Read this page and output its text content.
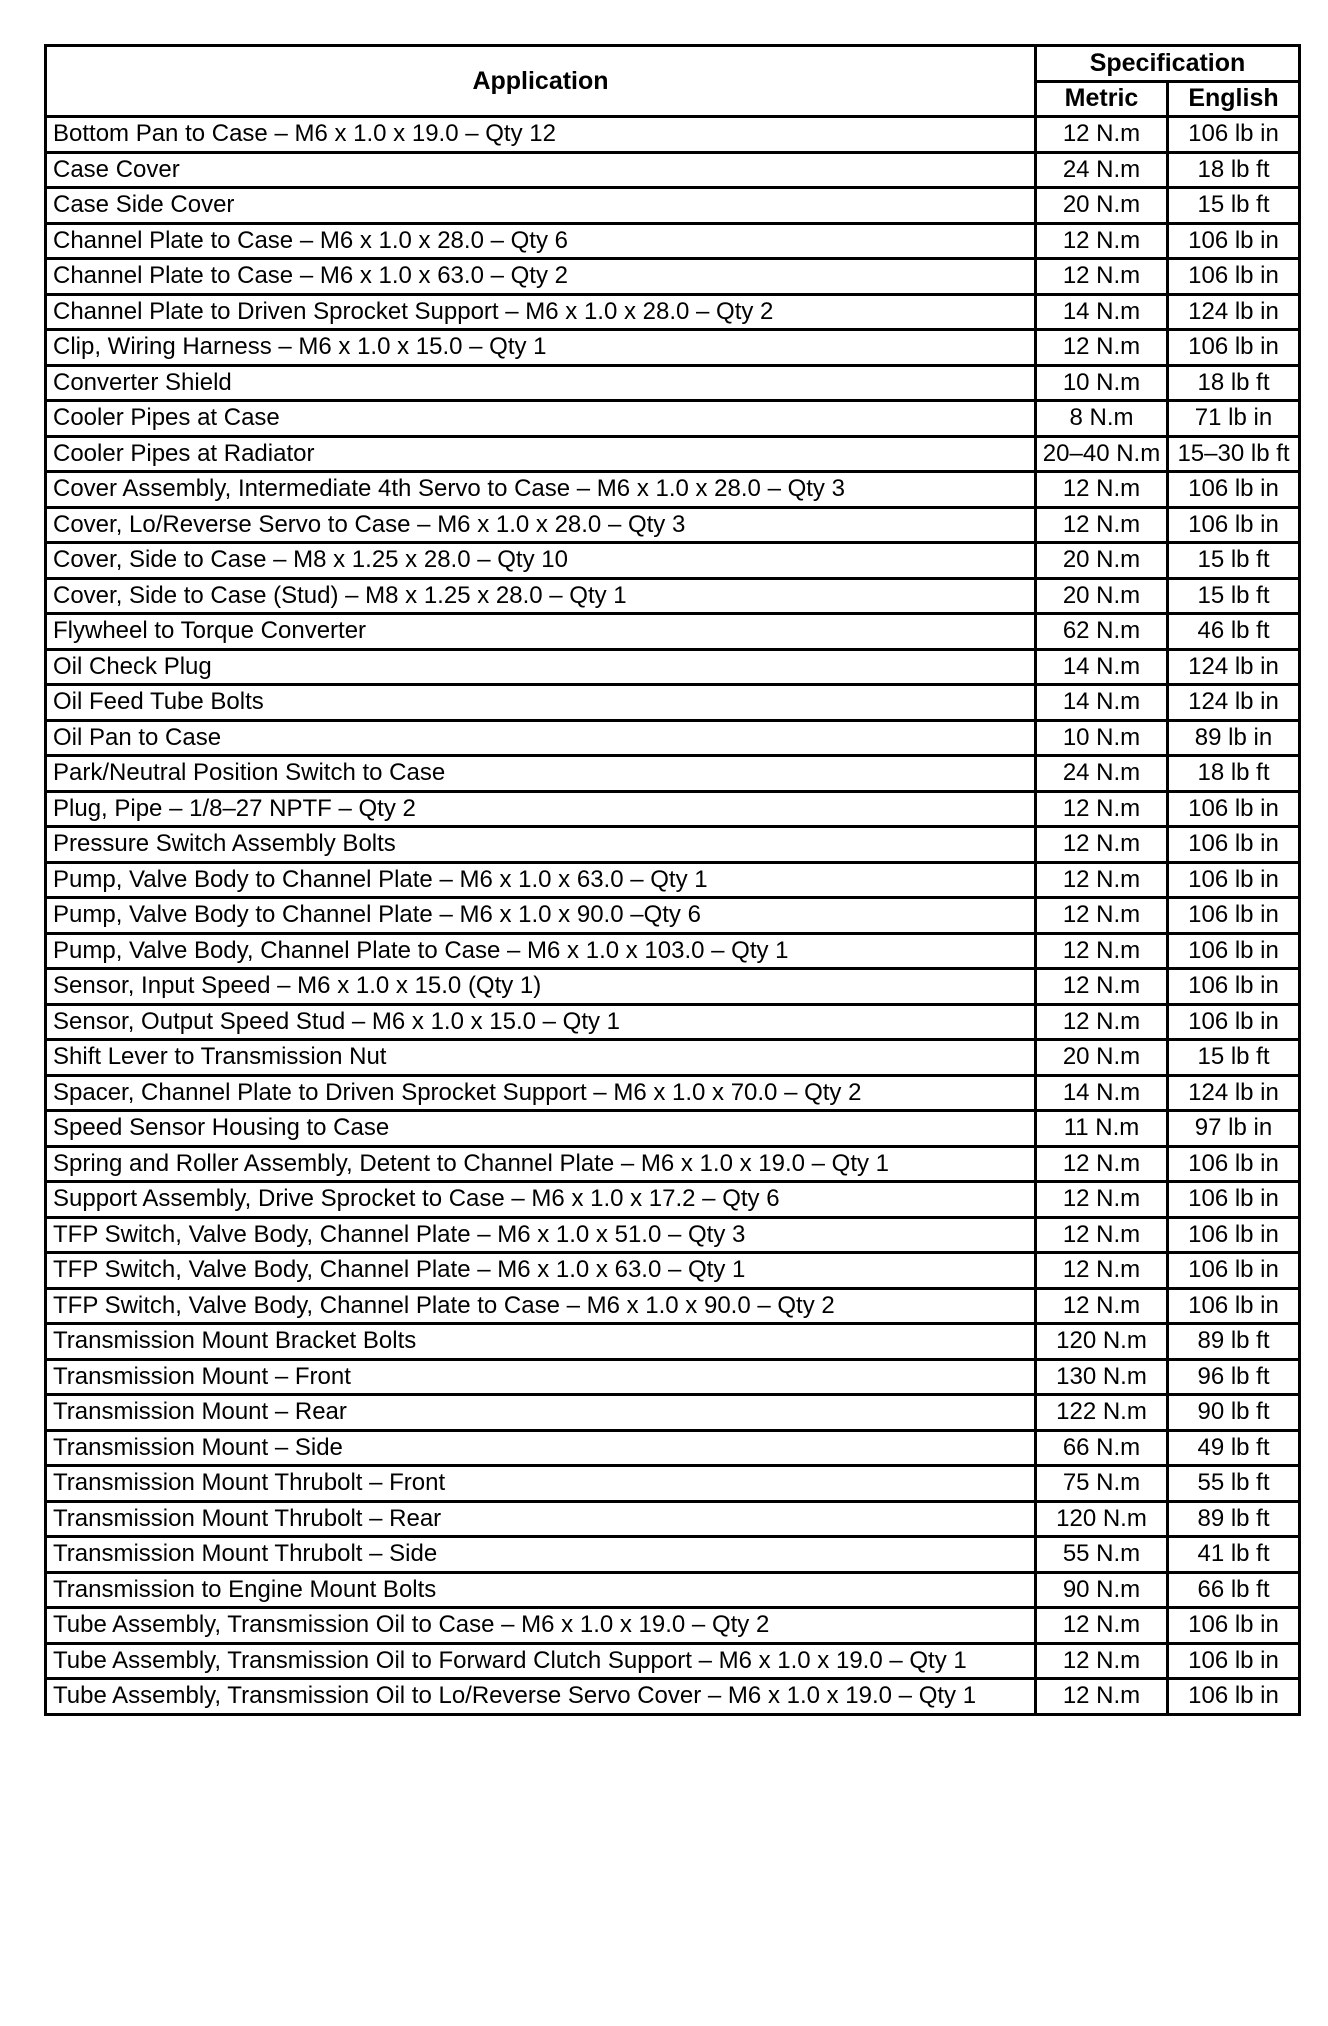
Application	Specification	
	Metric	English
Bottom Pan to Case – M6 x 1.0 x 19.0 – Qty 12	12 N.m	106 lb in
Case Cover	24 N.m	18 lb ft
Case Side Cover	20 N.m	15 lb ft
Channel Plate to Case – M6 x 1.0 x 28.0 – Qty 6	12 N.m	106 lb in
Channel Plate to Case – M6 x 1.0 x 63.0 – Qty 2	12 N.m	106 lb in
Channel Plate to Driven Sprocket Support – M6 x 1.0 x 28.0 – Qty 2	14 N.m	124 lb in
Clip, Wiring Harness – M6 x 1.0 x 15.0 – Qty 1	12 N.m	106 lb in
Converter Shield	10 N.m	18 lb ft
Cooler Pipes at Case	8 N.m	71 lb in
Cooler Pipes at Radiator	20–40 N.m	15–30 lb ft
Cover Assembly, Intermediate 4th Servo to Case – M6 x 1.0 x 28.0 – Qty 3	12 N.m	106 lb in
Cover, Lo/Reverse Servo to Case – M6 x 1.0 x 28.0 – Qty 3	12 N.m	106 lb in
Cover, Side to Case – M8 x 1.25 x 28.0 – Qty 10	20 N.m	15 lb ft
Cover, Side to Case (Stud) – M8 x 1.25 x 28.0 – Qty 1	20 N.m	15 lb ft
Flywheel to Torque Converter	62 N.m	46 lb ft
Oil Check Plug	14 N.m	124 lb in
Oil Feed Tube Bolts	14 N.m	124 lb in
Oil Pan to Case	10 N.m	89 lb in
Park/Neutral Position Switch to Case	24 N.m	18 lb ft
Plug, Pipe – 1/8–27 NPTF – Qty 2	12 N.m	106 lb in
Pressure Switch Assembly Bolts	12 N.m	106 lb in
Pump, Valve Body to Channel Plate – M6 x 1.0 x 63.0 – Qty 1	12 N.m	106 lb in
Pump, Valve Body to Channel Plate – M6 x 1.0 x 90.0 –Qty 6	12 N.m	106 lb in
Pump, Valve Body, Channel Plate to Case – M6 x 1.0 x 103.0 – Qty 1	12 N.m	106 lb in
Sensor, Input Speed – M6 x 1.0 x 15.0 (Qty 1)	12 N.m	106 lb in
Sensor, Output Speed Stud – M6 x 1.0 x 15.0 – Qty 1	12 N.m	106 lb in
Shift Lever to Transmission Nut	20 N.m	15 lb ft
Spacer, Channel Plate to Driven Sprocket Support – M6 x 1.0 x 70.0 – Qty 2	14 N.m	124 lb in
Speed Sensor Housing to Case	11 N.m	97 lb in
Spring and Roller Assembly, Detent to Channel Plate – M6 x 1.0 x 19.0 – Qty 1	12 N.m	106 lb in
Support Assembly, Drive Sprocket to Case – M6 x 1.0 x 17.2 – Qty 6	12 N.m	106 lb in
TFP Switch, Valve Body, Channel Plate – M6 x 1.0 x 51.0 – Qty 3	12 N.m	106 lb in
TFP Switch, Valve Body, Channel Plate – M6 x 1.0 x 63.0 – Qty 1	12 N.m	106 lb in
TFP Switch, Valve Body, Channel Plate to Case – M6 x 1.0 x 90.0 – Qty 2	12 N.m	106 lb in
Transmission Mount Bracket Bolts	120 N.m	89 lb ft
Transmission Mount – Front	130 N.m	96 lb ft
Transmission Mount – Rear	122 N.m	90 lb ft
Transmission Mount – Side	66 N.m	49 lb ft
Transmission Mount Thrubolt – Front	75 N.m	55 lb ft
Transmission Mount Thrubolt – Rear	120 N.m	89 lb ft
Transmission Mount Thrubolt – Side	55 N.m	41 lb ft
Transmission to Engine Mount Bolts	90 N.m	66 lb ft
Tube Assembly, Transmission Oil to Case – M6 x 1.0 x 19.0 – Qty 2	12 N.m	106 lb in
Tube Assembly, Transmission Oil to Forward Clutch Support – M6 x 1.0 x 19.0 – Qty 1	12 N.m	106 lb in
Tube Assembly, Transmission Oil to Lo/Reverse Servo Cover – M6 x 1.0 x 19.0 – Qty 1	12 N.m	106 lb in
